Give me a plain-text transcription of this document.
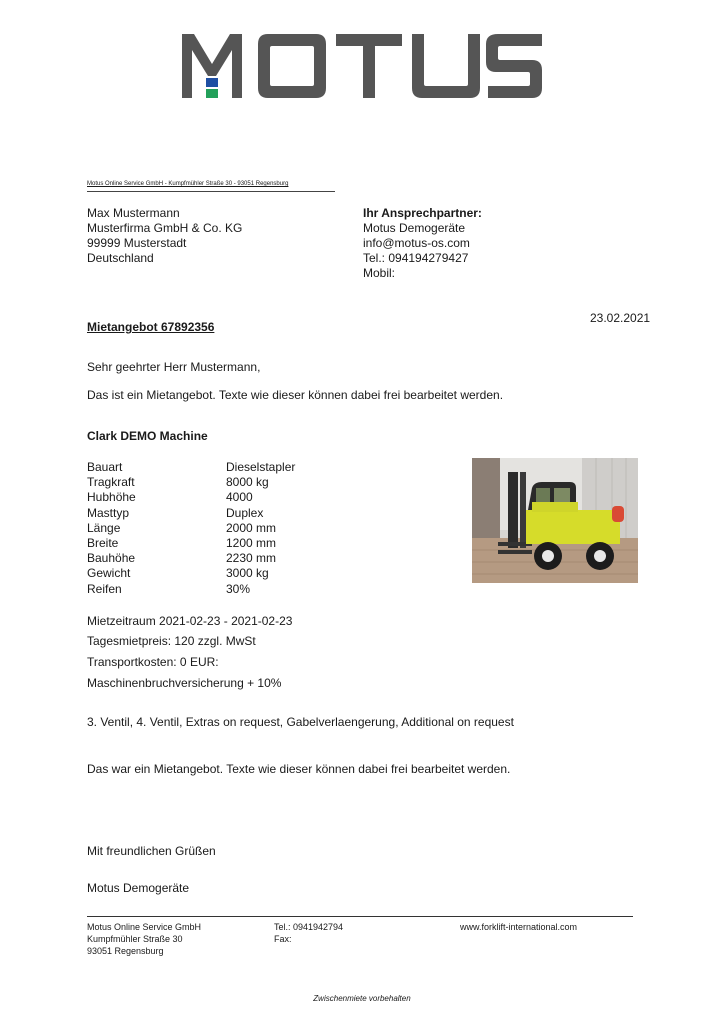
MOTUS
Motus Online Service GmbH - Kumpfmühler Straße 30 - 93051 Regensburg
Max Mustermann
Musterfirma GmbH & Co. KG
99999 Musterstadt
Deutschland
Ihr Ansprechpartner:
Motus Demogeräte
info@motus-os.com
Tel.: 094194279427
Mobil:
23.02.2021
Mietangebot 67892356
Sehr geehrter Herr Mustermann,
Das ist ein Mietangebot. Texte wie dieser können dabei frei bearbeitet werden.
Clark DEMO Machine
Bauart	Dieselstapler
Tragkraft	8000 kg
Hubhöhe	4000
Masttyp	Duplex
Länge	2000 mm
Breite	1200 mm
Bauhöhe	2230 mm
Gewicht	3000 kg
Reifen	30%
Mietzeitraum 2021-02-23 - 2021-02-23
Tagesmietpreis: 120 zzgl. MwSt
Transportkosten: 0 EUR:
Maschinenbruchversicherung + 10%
3. Ventil, 4. Ventil, Extras on request, Gabelverlaengerung, Additional on request
Das war ein Mietangebot. Texte wie dieser können dabei frei bearbeitet werden.
Mit freundlichen Grüßen
Motus Demogeräte
Motus Online Service GmbH
Kumpfmühler Straße 30
93051 Regensburg
Tel.: 0941942794
Fax:
www.forklift-international.com
Zwischenmiete vorbehalten
